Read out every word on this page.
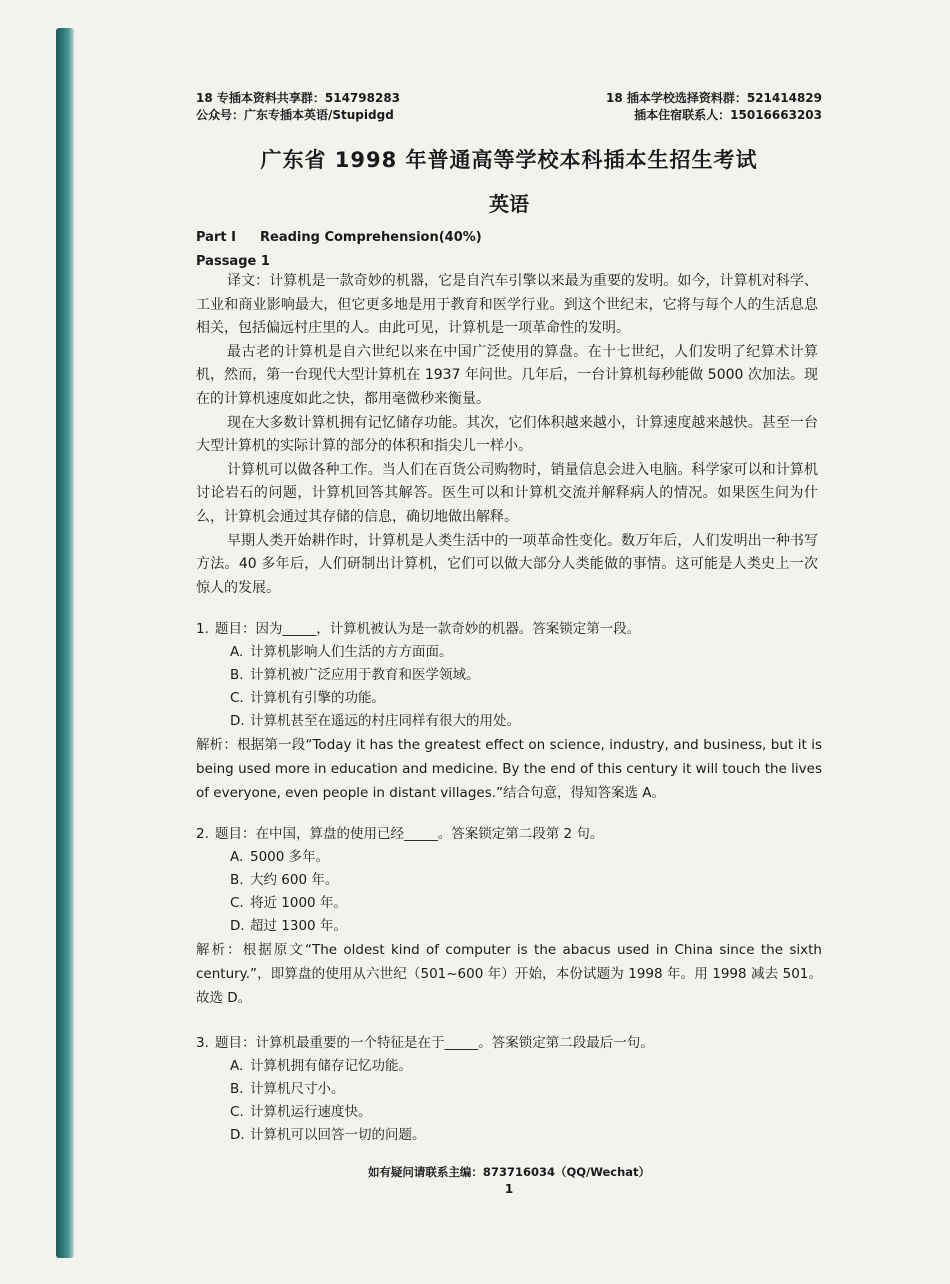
18 专插本资料共享群：514798283
公众号：广东专插本英语/Stupidgd
18 插本学校选择资料群：521414829
插本住宿联系人：15016663203
广东省 1998 年普通高等学校本科插本生招生考试
英语
Part I Reading Comprehension(40%)
Passage 1

译文：计算机是一款奇妙的机器，它是自汽车引擎以来最为重要的发明。如今，计算机对科学、 工业和商业影响最大，但它更多地是用于教育和医学行业。到这个世纪末，它将与每个人的生活息息相关，包括偏远村庄里的人。由此可见，计算机是一项革命性的发明。

最古老的计算机是自六世纪以来在中国广泛使用的算盘。在十七世纪，人们发明了纪算术计算机，然而，第一台现代大型计算机在 1937 年问世。几年后，一台计算机每秒能做 5000 次加法。现在的计算机速度如此之快，都用毫微秒来衡量。

现在大多数计算机拥有记忆储存功能。其次，它们体积越来越小，计算速度越来越快。甚至一台大型计算机的实际计算的部分的体积和指尖儿一样小。

计算机可以做各种工作。当人们在百货公司购物时，销量信息会进入电脑。科学家可以和计算机讨论岩石的问题，计算机回答其解答。医生可以和计算机交流并解释病人的情况。如果医生问为什么，计算机会通过其存储的信息，确切地做出解释。

早期人类开始耕作时，计算机是人类生活中的一项革命性变化。数万年后，人们发明出一种书写方法。40 多年后，人们研制出计算机，它们可以做大部分人类能做的事情。这可能是人类史上一次惊人的发展。

1. 题目：因为_____，计算机被认为是一款奇妙的机器。答案锁定第一段。
A. 计算机影响人们生活的方方面面。
B. 计算机被广泛应用于教育和医学领域。
C. 计算机有引擎的功能。
D. 计算机甚至在遥远的村庄同样有很大的用处。
解析：根据第一段“Today it has the greatest effect on science, industry, and business, but it is being used more in education and medicine. By the end of this century it will touch the lives of everyone, even people in distant villages.”结合句意，得知答案选 A。
2. 题目：在中国，算盘的使用已经_____。答案锁定第二段第 2 句。
A. 5000 多年。
B. 大约 600 年。
C. 将近 1000 年。
D. 超过 1300 年。
解析：根据原文“The oldest kind of computer is the abacus used in China since the sixth century.”，即算盘的使用从六世纪（501~600 年）开始，本份试题为 1998 年。用 1998 减去 501。故选 D。
3. 题目：计算机最重要的一个特征是在于_____。答案锁定第二段最后一句。
A. 计算机拥有储存记忆功能。
B. 计算机尺寸小。
C. 计算机运行速度快。
D. 计算机可以回答一切的问题。
如有疑问请联系主编：873716034（QQ/Wechat）
1
